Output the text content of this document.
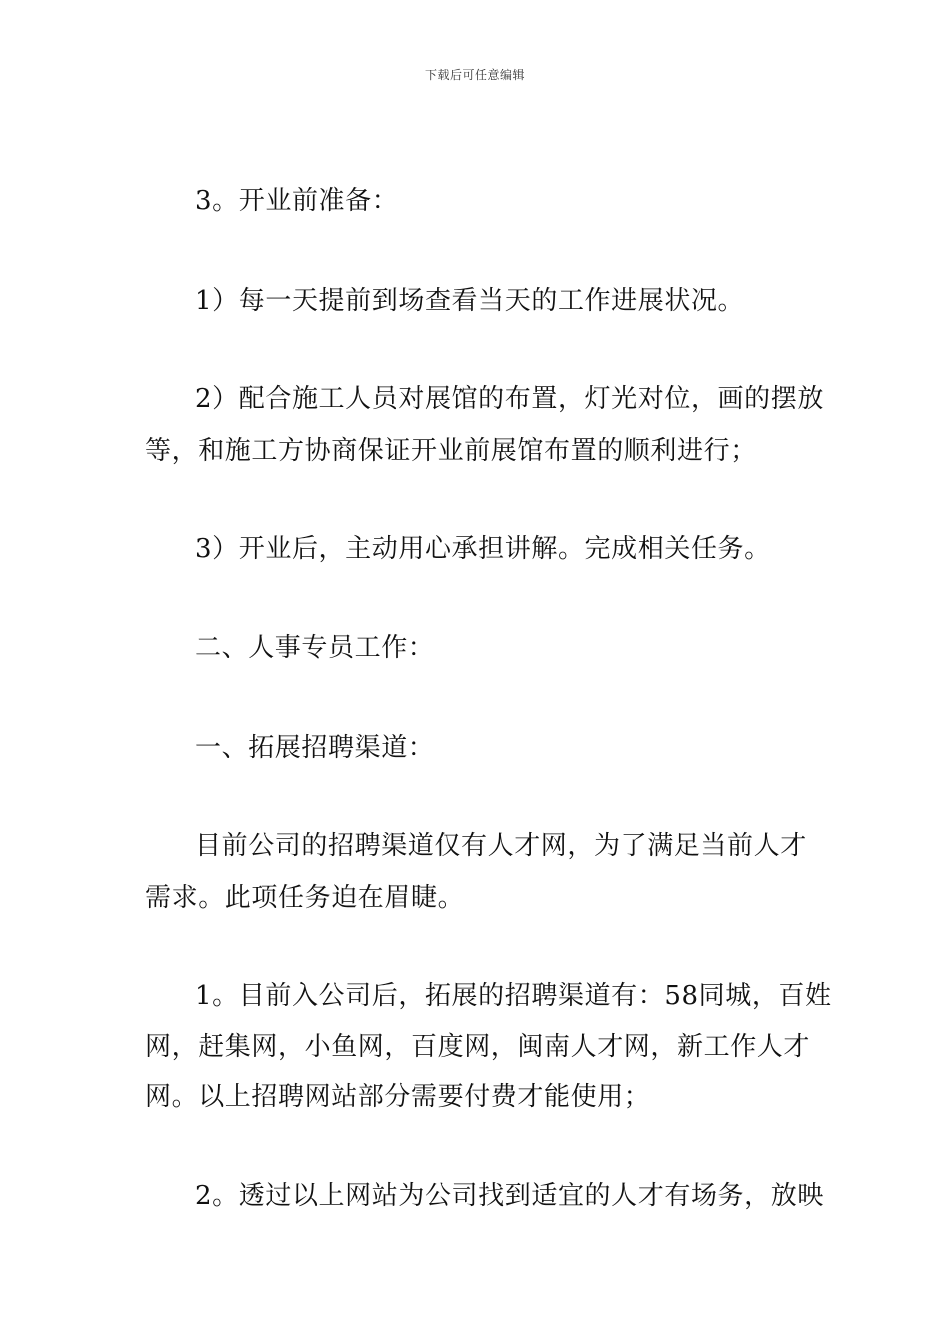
下载后可任意编辑
3。开业前准备：
1）每一天提前到场查看当天的工作进展状况。
2）配合施工人员对展馆的布置，灯光对位，画的摆放
等，和施工方协商保证开业前展馆布置的顺利进行；
3）开业后，主动用心承担讲解。完成相关任务。
二、人事专员工作：
一、拓展招聘渠道：
目前公司的招聘渠道仅有人才网，为了满足当前人才
需求。此项任务迫在眉睫。
1。目前入公司后，拓展的招聘渠道有：58同城，百姓
网，赶集网，小鱼网，百度网，闽南人才网，新工作人才
网。以上招聘网站部分需要付费才能使用；
2。透过以上网站为公司找到适宜的人才有场务，放映
